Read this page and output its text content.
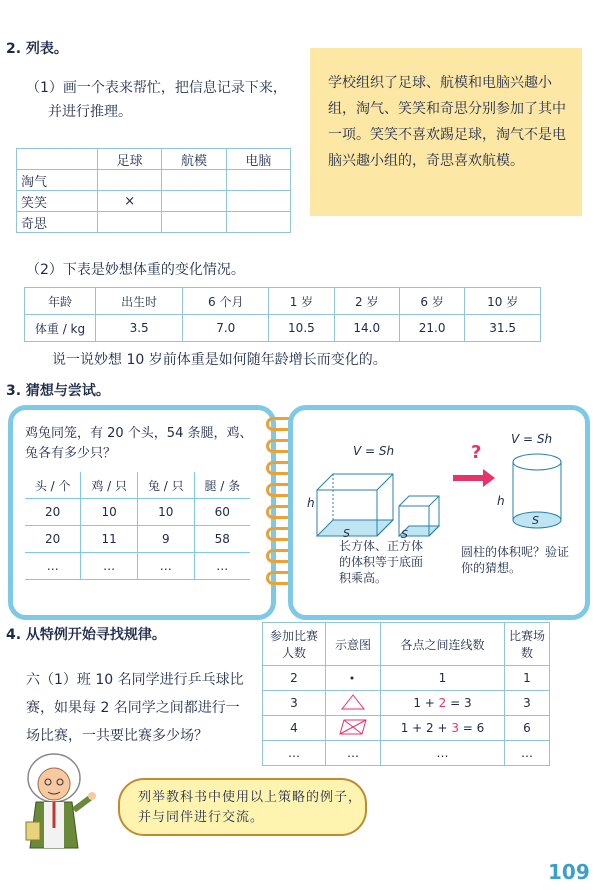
2. 列表。
（1）画一个表来帮忙，把信息记录下来，
并进行推理。
学校组织了足球、航模和电脑兴趣小组，淘气、笑笑和奇思分别参加了其中一项。笑笑不喜欢踢足球，淘气不是电脑兴趣小组的，奇思喜欢航模。
	足球	航模	电脑
淘气			
笑笑	×		
奇思			
（2）下表是妙想体重的变化情况。
年龄	出生时	6 个月	1 岁	2 岁	6 岁	10 岁
体重 / kg	3.5	7.0	10.5	14.0	21.0	31.5
说一说妙想 10 岁前体重是如何随年龄增长而变化的。
3. 猜想与尝试。
鸡兔同笼，有 20 个头，54 条腿，鸡、兔各有多少只？
头 / 个	鸡 / 只	兔 / 只	腿 / 条
20	10	10	60
20	11	9	58
…	…	…	…
V = Sh
V = Sh
h
S	S
?
h
S
长方体、正方体的体积等于底面积乘高。
圆柱的体积呢？验证你的猜想。
4. 从特例开始寻找规律。
六（1）班 10 名同学进行乒乓球比赛，如果每 2 名同学之间都进行一场比赛，一共要比赛多少场？
参加比赛人数	示意图	各点之间连线数	比赛场数
2		1	1
3		1 + 2 = 3	3
4		1 + 2 + 3 = 6	6
…	…	…	…
列举教科书中使用以上策略的例子，并与同伴进行交流。
109
